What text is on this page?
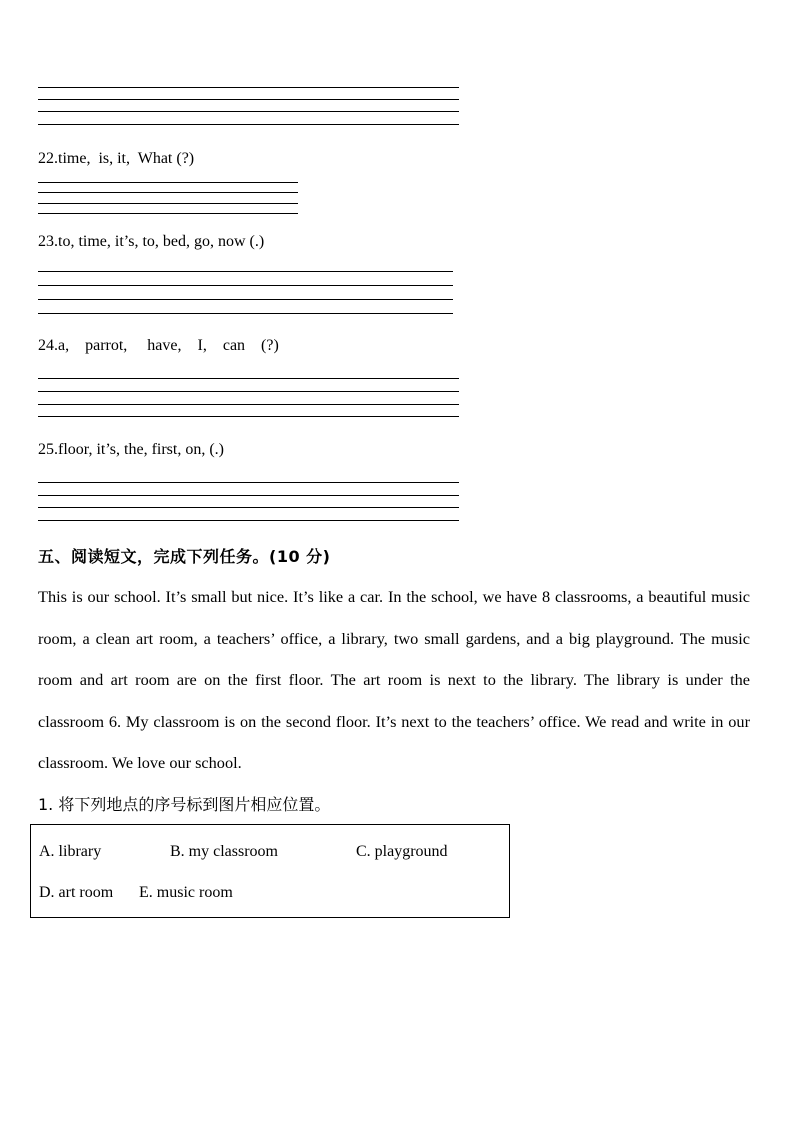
22.time,  is, it,  What (?)
23.to, time, it’s, to, bed, go, now (.)
24.a,    parrot,     have,    I,    can    (?)
25.floor, it’s, the, first, on, (.)
五、阅读短文，完成下列任务。(10 分)

This is our school. It’s small but nice. It’s like a car. In the school, we have 8 classrooms, a beautiful music room, a clean art room, a teachers’ office, a library, two small gardens, and a big playground. The music room and art room are on the first floor. The art room is next to the library. The library is under the classroom 6. My classroom is on the second floor. It’s next to the teachers’ office. We read and write in our classroom. We love our school.

1. 将下列地点的序号标到图片相应位置。
A. library	B. my classroom	C. playground
D. art room E. music room
